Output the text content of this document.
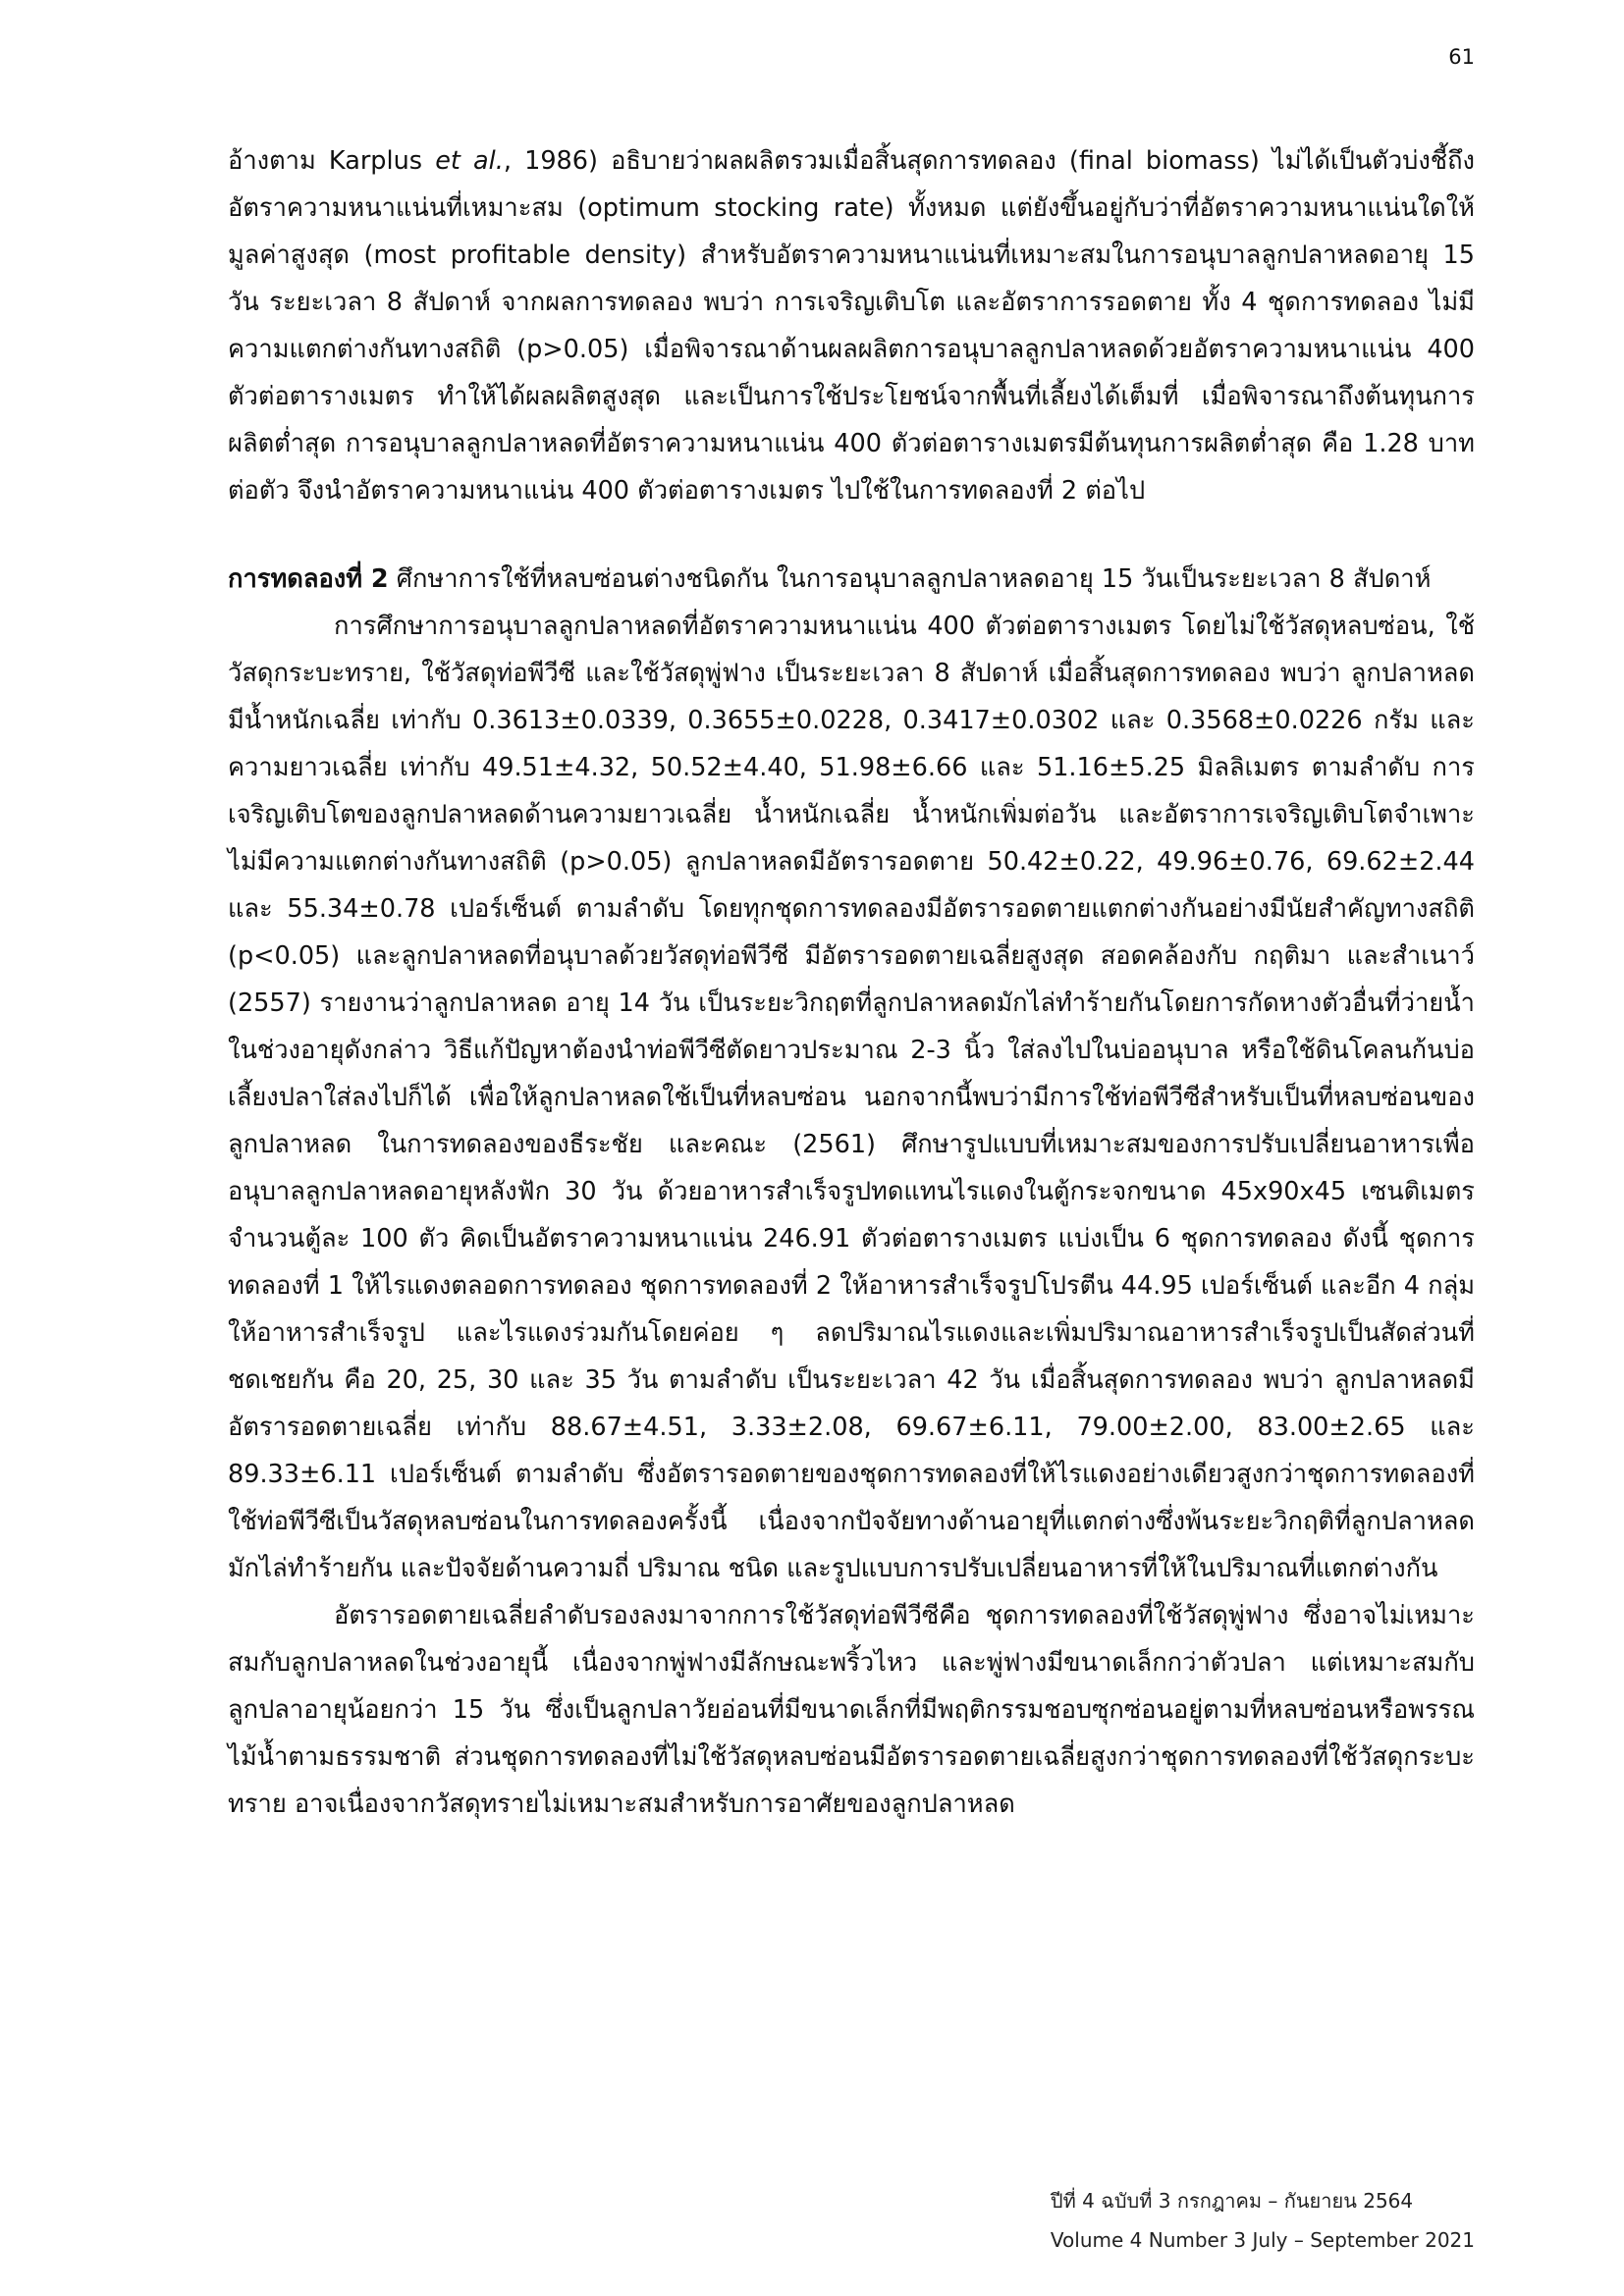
61

อ้างตาม Karplus et al., 1986) อธิบายว่าผลผลิตรวมเมื่อสิ้นสุดการทดลอง (final biomass) ไม่ได้เป็นตัวบ่งชี้ถึงอัตราความหนาแน่นที่เหมาะสม (optimum stocking rate) ทั้งหมด แต่ยังขึ้นอยู่กับว่าที่อัตราความหนาแน่นใดให้มูลค่าสูงสุด (most profitable density) สำหรับอัตราความหนาแน่นที่เหมาะสมในการอนุบาลลูกปลาหลดอายุ 15 วัน ระยะเวลา 8 สัปดาห์ จากผลการทดลอง พบว่า การเจริญเติบโต และอัตราการรอดตาย ทั้ง 4 ชุดการทดลอง ไม่มีความแตกต่างกันทางสถิติ (p>0.05) เมื่อพิจารณาด้านผลผลิตการอนุบาลลูกปลาหลดด้วยอัตราความหนาแน่น 400 ตัวต่อตารางเมตร ทำให้ได้ผลผลิตสูงสุด และเป็นการใช้ประโยชน์จากพื้นที่เลี้ยงได้เต็มที่ เมื่อพิจารณาถึงต้นทุนการผลิตต่ำสุด การอนุบาลลูกปลาหลดที่อัตราความหนาแน่น 400 ตัวต่อตารางเมตรมีต้นทุนการผลิตต่ำสุด คือ 1.28 บาทต่อตัว จึงนำอัตราความหนาแน่น 400 ตัวต่อตารางเมตร ไปใช้ในการทดลองที่ 2 ต่อไป

การทดลองที่ 2 ศึกษาการใช้ที่หลบซ่อนต่างชนิดกัน ในการอนุบาลลูกปลาหลดอายุ 15 วันเป็นระยะเวลา 8 สัปดาห์

การศึกษาการอนุบาลลูกปลาหลดที่อัตราความหนาแน่น 400 ตัวต่อตารางเมตร โดยไม่ใช้วัสดุหลบซ่อน, ใช้วัสดุกระบะทราย, ใช้วัสดุท่อพีวีซี และใช้วัสดุพู่ฟาง เป็นระยะเวลา 8 สัปดาห์ เมื่อสิ้นสุดการทดลอง พบว่า ลูกปลาหลดมีน้ำหนักเฉลี่ย เท่ากับ 0.3613±0.0339, 0.3655±0.0228, 0.3417±0.0302 และ 0.3568±0.0226 กรัม และความยาวเฉลี่ย เท่ากับ 49.51±4.32, 50.52±4.40, 51.98±6.66 และ 51.16±5.25 มิลลิเมตร ตามลำดับ การเจริญเติบโตของลูกปลาหลดด้านความยาวเฉลี่ย น้ำหนักเฉลี่ย น้ำหนักเพิ่มต่อวัน และอัตราการเจริญเติบโตจำเพาะไม่มีความแตกต่างกันทางสถิติ (p>0.05) ลูกปลาหลดมีอัตรารอดตาย 50.42±0.22, 49.96±0.76, 69.62±2.44 และ 55.34±0.78 เปอร์เซ็นต์ ตามลำดับ โดยทุกชุดการทดลองมีอัตรารอดตายแตกต่างกันอย่างมีนัยสำคัญทางสถิติ (p<0.05) และลูกปลาหลดที่อนุบาลด้วยวัสดุท่อพีวีซี มีอัตรารอดตายเฉลี่ยสูงสุด สอดคล้องกับ กฤติมา และสำเนาว์ (2557) รายงานว่าลูกปลาหลด อายุ 14 วัน เป็นระยะวิกฤตที่ลูกปลาหลดมักไล่ทำร้ายกันโดยการกัดหางตัวอื่นที่ว่ายน้ำในช่วงอายุดังกล่าว วิธีแก้ปัญหาต้องนำท่อพีวีซีตัดยาวประมาณ 2-3 นิ้ว ใส่ลงไปในบ่ออนุบาล หรือใช้ดินโคลนก้นบ่อเลี้ยงปลาใส่ลงไปก็ได้ เพื่อให้ลูกปลาหลดใช้เป็นที่หลบซ่อน นอกจากนี้พบว่ามีการใช้ท่อพีวีซีสำหรับเป็นที่หลบซ่อนของลูกปลาหลด ในการทดลองของธีระชัย และคณะ (2561) ศึกษารูปแบบที่เหมาะสมของการปรับเปลี่ยนอาหารเพื่ออนุบาลลูกปลาหลดอายุหลังฟัก 30 วัน ด้วยอาหารสำเร็จรูปทดแทนไรแดงในตู้กระจกขนาด 45x90x45 เซนติเมตร จำนวนตู้ละ 100 ตัว คิดเป็นอัตราความหนาแน่น 246.91 ตัวต่อตารางเมตร แบ่งเป็น 6 ชุดการทดลอง ดังนี้ ชุดการทดลองที่ 1 ให้ไรแดงตลอดการทดลอง ชุดการทดลองที่ 2 ให้อาหารสำเร็จรูปโปรตีน 44.95 เปอร์เซ็นต์ และอีก 4 กลุ่ม ให้อาหารสำเร็จรูป และไรแดงร่วมกันโดยค่อย ๆ ลดปริมาณไรแดงและเพิ่มปริมาณอาหารสำเร็จรูปเป็นสัดส่วนที่ชดเชยกัน คือ 20, 25, 30 และ 35 วัน ตามลำดับ เป็นระยะเวลา 42 วัน เมื่อสิ้นสุดการทดลอง พบว่า ลูกปลาหลดมีอัตรารอดตายเฉลี่ย เท่ากับ 88.67±4.51, 3.33±2.08, 69.67±6.11, 79.00±2.00, 83.00±2.65 และ 89.33±6.11 เปอร์เซ็นต์ ตามลำดับ ซึ่งอัตรารอดตายของชุดการทดลองที่ให้ไรแดงอย่างเดียวสูงกว่าชุดการทดลองที่ใช้ท่อพีวีซีเป็นวัสดุหลบซ่อนในการทดลองครั้งนี้ เนื่องจากปัจจัยทางด้านอายุที่แตกต่างซึ่งพ้นระยะวิกฤติที่ลูกปลาหลดมักไล่ทำร้ายกัน และปัจจัยด้านความถี่ ปริมาณ ชนิด และรูปแบบการปรับเปลี่ยนอาหารที่ให้ในปริมาณที่แตกต่างกัน

อัตรารอดตายเฉลี่ยลำดับรองลงมาจากการใช้วัสดุท่อพีวีซีคือ ชุดการทดลองที่ใช้วัสดุพู่ฟาง ซึ่งอาจไม่เหมาะสมกับลูกปลาหลดในช่วงอายุนี้ เนื่องจากพู่ฟางมีลักษณะพริ้วไหว และพู่ฟางมีขนาดเล็กกว่าตัวปลา แต่เหมาะสมกับลูกปลาอายุน้อยกว่า 15 วัน ซึ่งเป็นลูกปลาวัยอ่อนที่มีขนาดเล็กที่มีพฤติกรรมชอบซุกซ่อนอยู่ตามที่หลบซ่อนหรือพรรณไม้น้ำตามธรรมชาติ ส่วนชุดการทดลองที่ไม่ใช้วัสดุหลบซ่อนมีอัตรารอดตายเฉลี่ยสูงกว่าชุดการทดลองที่ใช้วัสดุกระบะทราย อาจเนื่องจากวัสดุทรายไม่เหมาะสมสำหรับการอาศัยของลูกปลาหลด

ปีที่ 4 ฉบับที่ 3 กรกฎาคม – กันยายน 2564
Volume 4 Number 3 July – September 2021
